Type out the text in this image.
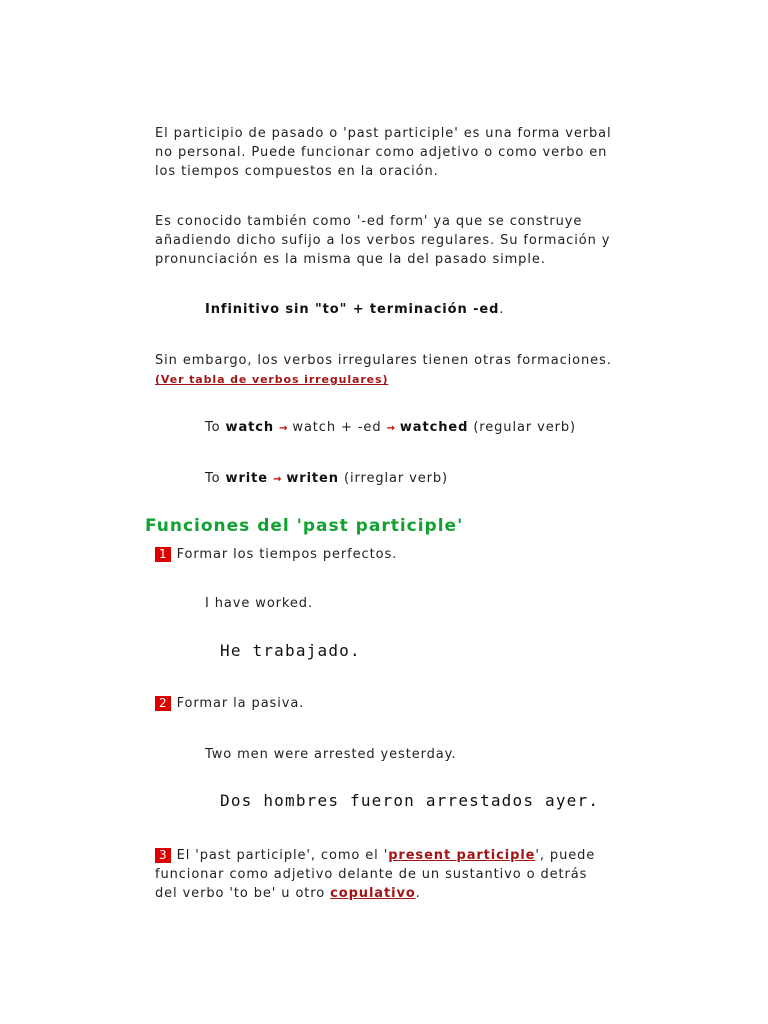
El participio de pasado o 'past participle' es una forma verbal no personal. Puede funcionar como adjetivo o como verbo en los tiempos compuestos en la oración.

Es conocido también como '-ed form' ya que se construye añadiendo dicho sufijo a los verbos regulares. Su formación y pronunciación es la misma que la del pasado simple.

Infinitivo sin "to" + terminación -ed.

Sin embargo, los verbos irregulares tienen otras formaciones. (Ver tabla de verbos irregulares)

To watch → watch + -ed → watched (regular verb)

To write → writen (irreglar verb)

Funciones del 'past participle'

1 Formar los tiempos perfectos.

I have worked.

He trabajado.

2 Formar la pasiva.

Two men were arrested yesterday.

Dos hombres fueron arrestados ayer.

3 El 'past participle', como el 'present participle', puede funcionar como adjetivo delante de un sustantivo o detrás del verbo 'to be' u otro copulativo.
